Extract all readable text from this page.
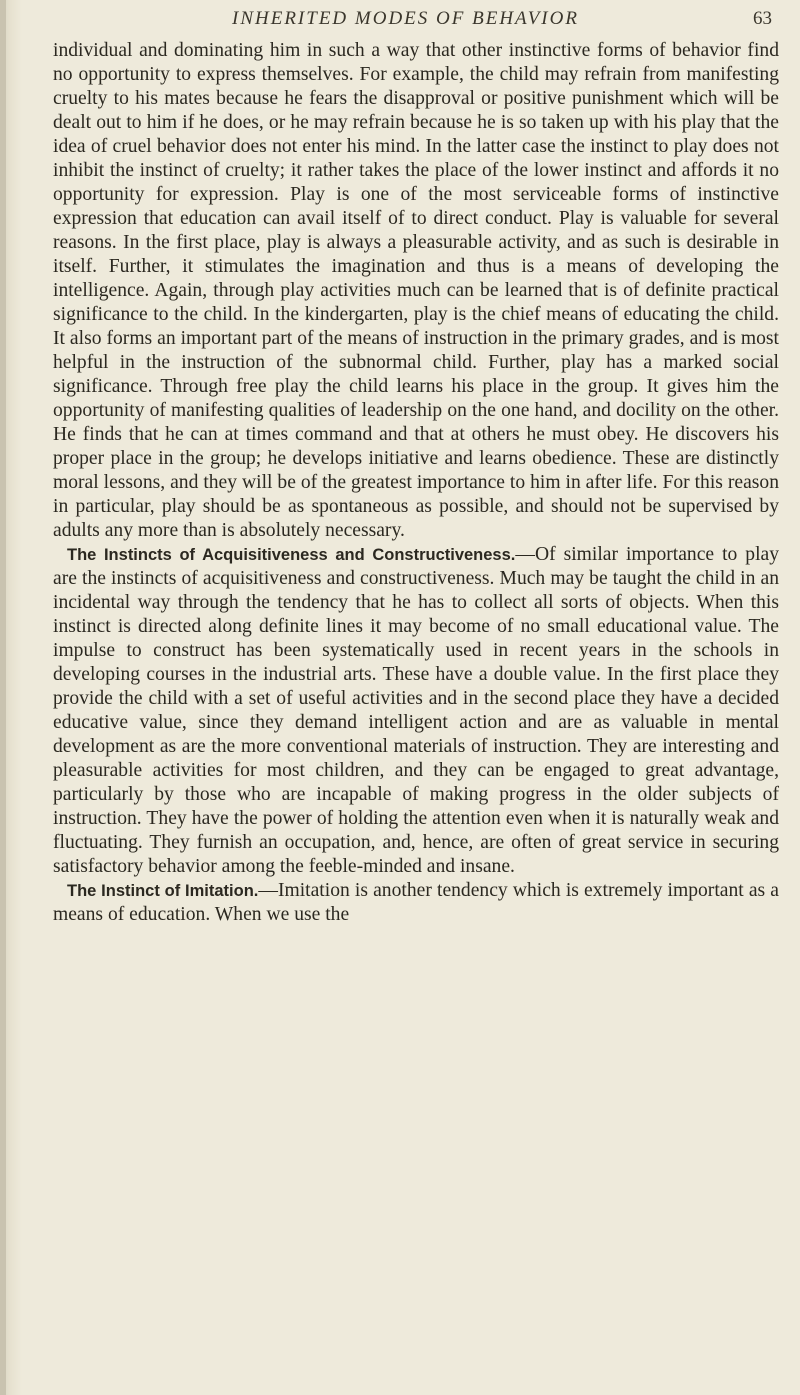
INHERITED MODES OF BEHAVIOR	63

individual and dominating him in such a way that other instinctive forms of behavior find no opportunity to express themselves. For example, the child may refrain from manifesting cruelty to his mates because he fears the disapproval or positive punishment which will be dealt out to him if he does, or he may refrain because he is so taken up with his play that the idea of cruel behavior does not enter his mind. In the latter case the instinct to play does not inhibit the instinct of cruelty; it rather takes the place of the lower instinct and affords it no opportunity for expression. Play is one of the most serviceable forms of instinctive expression that education can avail itself of to direct conduct. Play is valuable for several reasons. In the first place, play is always a pleasurable activity, and as such is desirable in itself. Further, it stimulates the imagination and thus is a means of developing the intelligence. Again, through play activities much can be learned that is of definite practical significance to the child. In the kindergarten, play is the chief means of educating the child. It also forms an important part of the means of instruction in the primary grades, and is most helpful in the instruction of the subnormal child. Further, play has a marked social significance. Through free play the child learns his place in the group. It gives him the opportunity of manifesting qualities of leadership on the one hand, and docility on the other. He finds that he can at times command and that at others he must obey. He discovers his proper place in the group; he develops initiative and learns obedience. These are distinctly moral lessons, and they will be of the greatest importance to him in after life. For this reason in particular, play should be as spontaneous as possible, and should not be supervised by adults any more than is absolutely necessary.

The Instincts of Acquisitiveness and Constructiveness.—Of similar importance to play are the instincts of acquisitiveness and constructiveness. Much may be taught the child in an incidental way through the tendency that he has to collect all sorts of objects. When this instinct is directed along definite lines it may become of no small educational value. The impulse to construct has been systematically used in recent years in the schools in developing courses in the industrial arts. These have a double value. In the first place they provide the child with a set of useful activities and in the second place they have a decided educative value, since they demand intelligent action and are as valuable in mental development as are the more conventional materials of instruction. They are interesting and pleasurable activities for most children, and they can be engaged to great advantage, particularly by those who are incapable of making progress in the older subjects of instruction. They have the power of holding the attention even when it is naturally weak and fluctuating. They furnish an occupation, and, hence, are often of great service in securing satisfactory behavior among the feeble-minded and insane.

The Instinct of Imitation.—Imitation is another tendency which is extremely important as a means of education. When we use the
